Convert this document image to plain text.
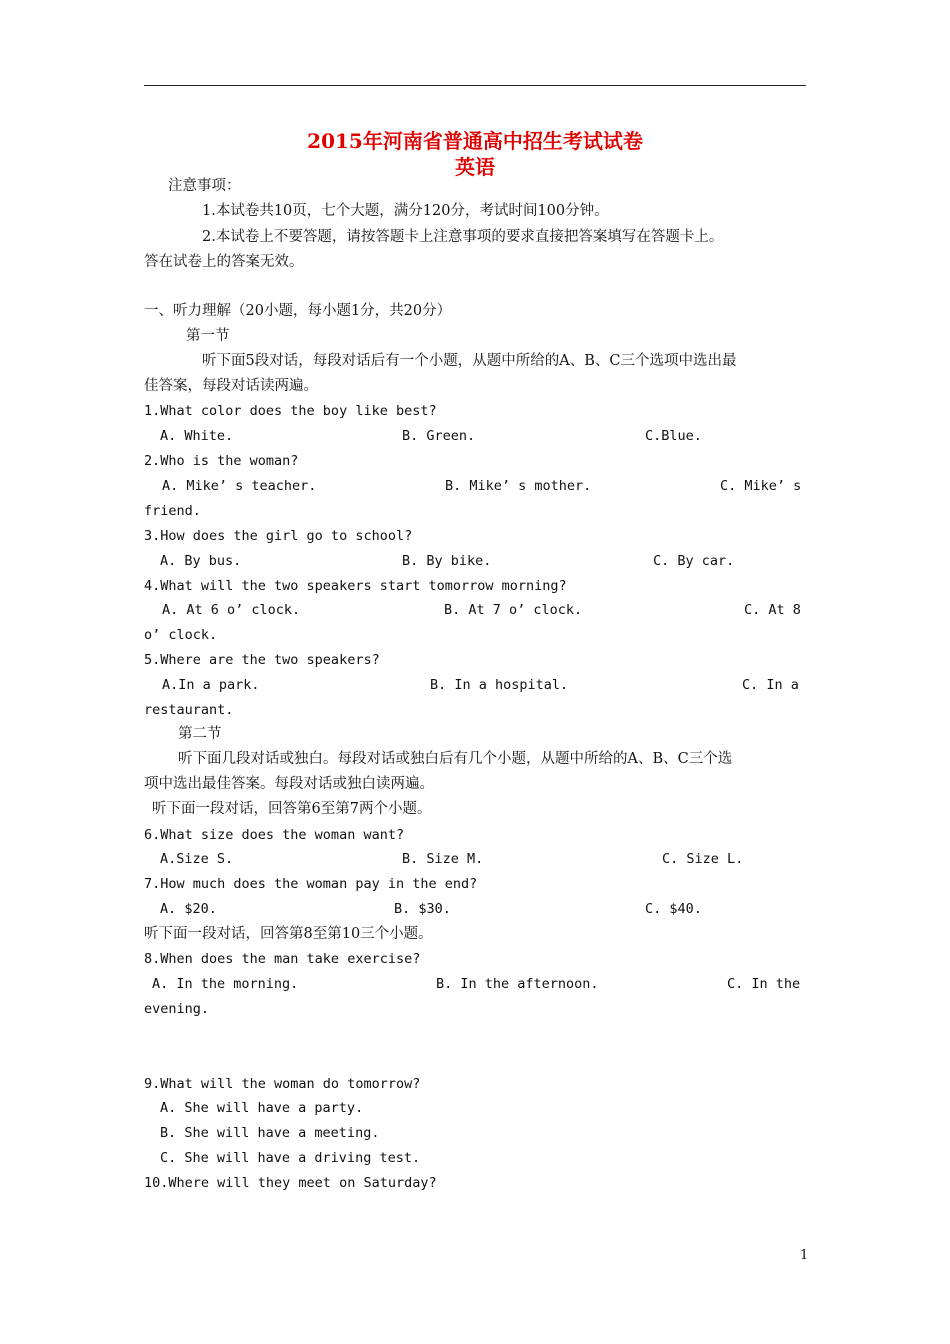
2015年河南省普通高中招生考试试卷
英语
注意事项：
1.本试卷共10页，七个大题，满分120分，考试时间100分钟。
2.本试卷上不要答题，请按答题卡上注意事项的要求直接把答案填写在答题卡上。
答在试卷上的答案无效。
一、听力理解（20小题，每小题1分，共20分）
第一节
听下面5段对话，每段对话后有一个小题，从题中所给的A、B、C三个选项中选出最
佳答案，每段对话读两遍。
1.What color does the boy like best?
A. White.	B. Green.	C.Blue.
2.Who is the woman?
A. Mike’ s teacher.	B. Mike’ s mother.	C. Mike’ s
friend.
3.How does the girl go to school?
A. By bus.	B. By bike.	C. By car.
4.What will the two speakers start tomorrow morning?
A. At 6 o’ clock.	B. At 7 o’ clock.	C. At 8
o’ clock.
5.Where are the two speakers?
A.In a park.	B. In a hospital.	C. In a
restaurant.
第二节
听下面几段对话或独白。每段对话或独白后有几个小题，从题中所给的A、B、C三个选
项中选出最佳答案。每段对话或独白读两遍。
听下面一段对话，回答第6至第7两个小题。
6.What size does the woman want?
A.Size S.	B. Size M.	C. Size L.
7.How much does the woman pay in the end?
A. $20.	B. $30.	C. $40.
听下面一段对话，回答第8至第10三个小题。
8.When does the man take exercise?
A. In the morning.	B. In the afternoon.	C. In the
evening.
9.What will the woman do tomorrow?
A. She will have a party.
B. She will have a meeting.
C. She will have a driving test.
10.Where will they meet on Saturday?
1
